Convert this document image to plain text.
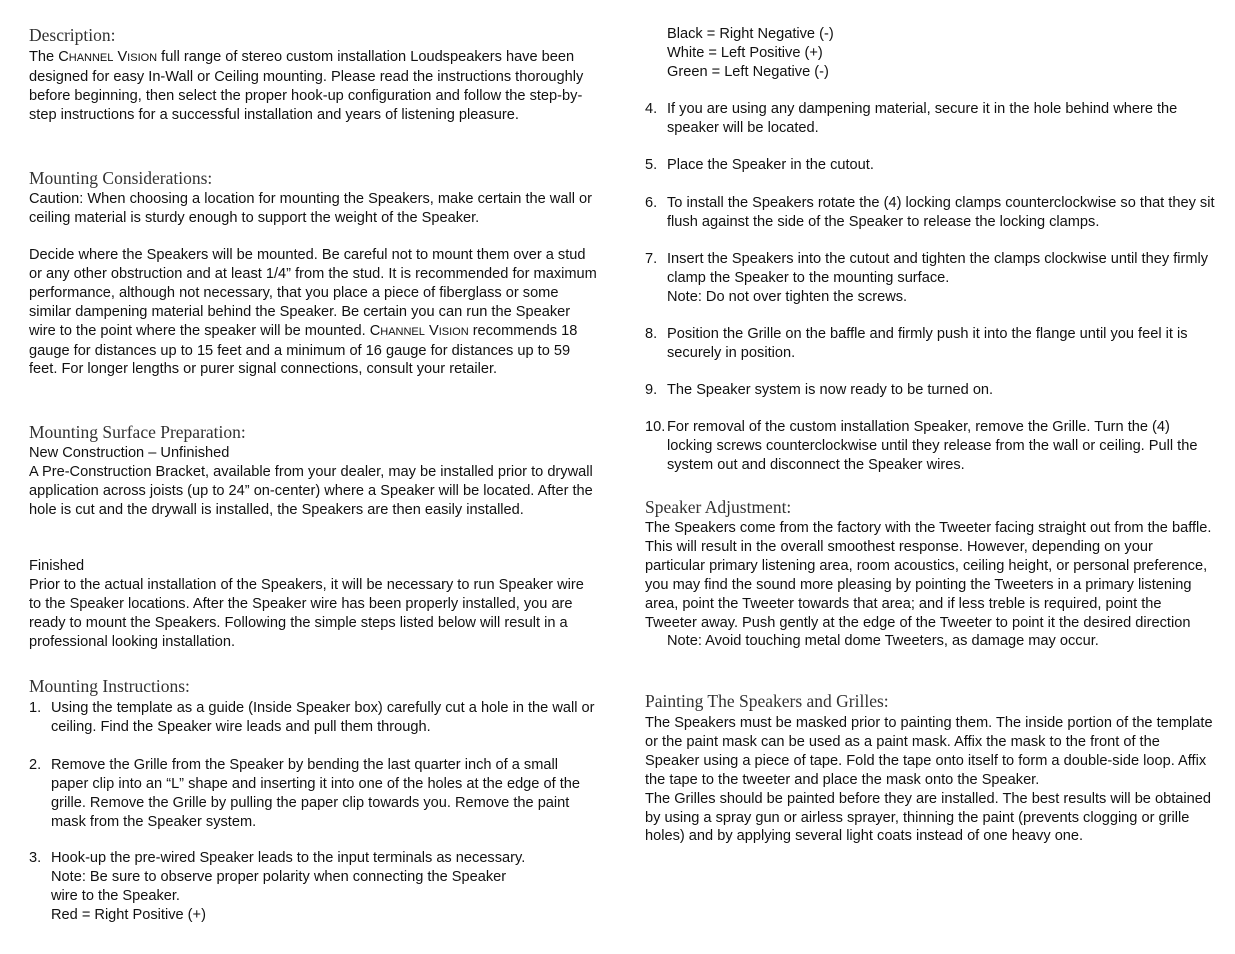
Description:

The CHANNEL VISION full range of stereo custom installation Loudspeakers have been designed for easy In-Wall or Ceiling mounting. Please read the instructions thoroughly before beginning, then select the proper hook-up configuration and follow the step-by-step instructions for a successful installation and years of listening pleasure.

Mounting Considerations:

Caution: When choosing a location for mounting the Speakers, make certain the wall or ceiling material is sturdy enough to support the weight of the Speaker.

Decide where the Speakers will be mounted. Be careful not to mount them over a stud or any other obstruction and at least 1/4” from the stud. It is recommended for maximum performance, although not necessary, that you place a piece of fiberglass or some similar dampening material behind the Speaker. Be certain you can run the Speaker wire to the point where the speaker will be mounted. CHANNEL VISION recommends 18 gauge for distances up to 15 feet and a minimum of 16 gauge for distances up to 59 feet. For longer lengths or purer signal connections, consult your retailer.

Mounting Surface Preparation:

New Construction – Unfinished

A Pre-Construction Bracket, available from your dealer, may be installed prior to drywall application across joists (up to 24” on-center) where a Speaker will be located. After the hole is cut and the drywall is installed, the Speakers are then easily installed.

Finished

Prior to the actual installation of the Speakers, it will be necessary to run Speaker wire to the Speaker locations. After the Speaker wire has been properly installed, you are ready to mount the Speakers. Following the simple steps listed below will result in a professional looking installation.

Mounting Instructions:
1. Using the template as a guide (Inside Speaker box) carefully cut a hole in the wall or ceiling. Find the Speaker wire leads and pull them through.
2. Remove the Grille from the Speaker by bending the last quarter inch of a small paper clip into an “L” shape and inserting it into one of the holes at the edge of the grille. Remove the Grille by pulling the paper clip towards you. Remove the paint mask from the Speaker system.
3. Hook-up the pre-wired Speaker leads to the input terminals as necessary.
Note: Be sure to observe proper polarity when connecting the Speaker
wire to the Speaker.
Red = Right Positive (+)

Black = Right Negative (-)

White = Left Positive (+)

Green = Left Negative (-)

4. If you are using any dampening material, secure it in the hole behind where the speaker will be located.
5. Place the Speaker in the cutout.
6. To install the Speakers rotate the (4) locking clamps counterclockwise so that they sit flush against the side of the Speaker to release the locking clamps.
7. Insert the Speakers into the cutout and tighten the clamps clockwise until they firmly clamp the Speaker to the mounting surface.
Note: Do not over tighten the screws.
8. Position the Grille on the baffle and firmly push it into the flange until you feel it is securely in position.
9. The Speaker system is now ready to be turned on.
10. For removal of the custom installation Speaker, remove the Grille. Turn the (4) locking screws counterclockwise until they release from the wall or ceiling. Pull the system out and disconnect the Speaker wires.
Speaker Adjustment:

The Speakers come from the factory with the Tweeter facing straight out from the baffle. This will result in the overall smoothest response. However, depending on your particular primary listening area, room acoustics, ceiling height, or personal preference, you may find the sound more pleasing by pointing the Tweeters in a primary listening area, point the Tweeter towards that area; and if less treble is required, point the Tweeter away. Push gently at the edge of the Tweeter to point it the desired direction

Note: Avoid touching metal dome Tweeters, as damage may occur.

Painting The Speakers and Grilles:

The Speakers must be masked prior to painting them. The inside portion of the template or the paint mask can be used as a paint mask. Affix the mask to the front of the Speaker using a piece of tape. Fold the tape onto itself to form a double-side loop. Affix the tape to the tweeter and place the mask onto the Speaker.

The Grilles should be painted before they are installed. The best results will be obtained by using a spray gun or airless sprayer, thinning the paint (prevents clogging or grille holes) and by applying several light coats instead of one heavy one.
